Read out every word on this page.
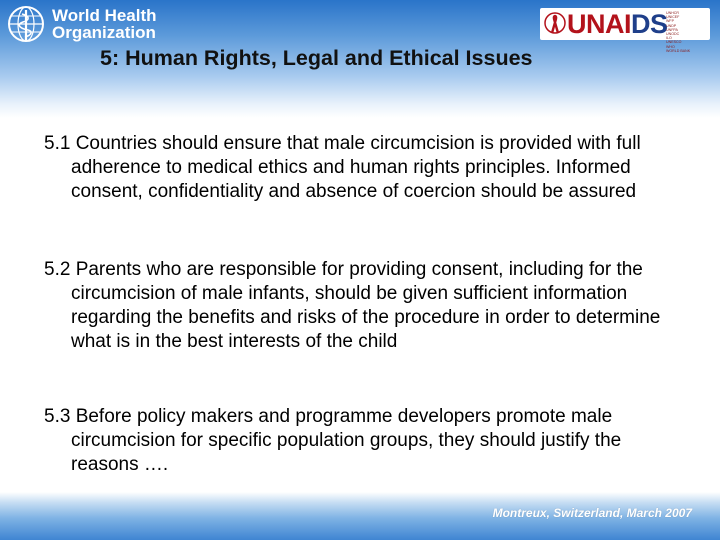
World Health
Organization	UNAIDS
UNHCR
UNICEF
WFP
UNDP
UNFPA
UNODC
ILO
UNESCO
WHO
WORLD BANK
5: Human Rights, Legal and Ethical Issues

5.1 Countries should ensure that male circumcision is provided with full adherence to medical ethics and human rights principles. Informed consent, confidentiality and absence of coercion should be assured

5.2 Parents who are responsible for providing consent, including for the circumcision of male infants, should be given sufficient information regarding the benefits and risks of the procedure in order to determine what is in the best interests of the child

5.3 Before policy makers and programme developers promote male circumcision for specific population groups, they should justify the reasons ….

Montreux, Switzerland, March 2007
